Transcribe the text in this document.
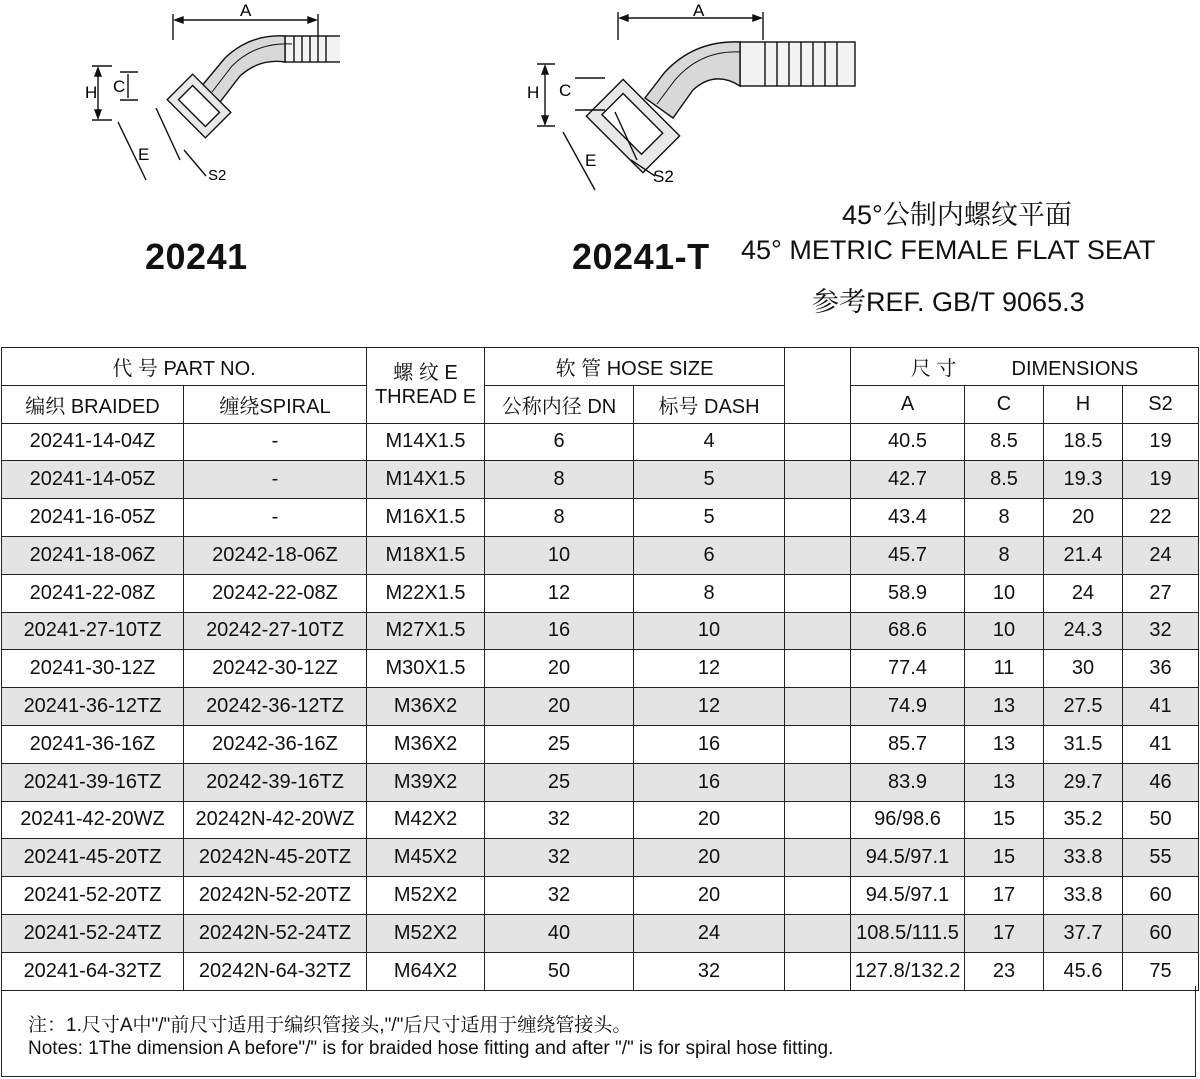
A
H C
E
S2
A
H C
E
S2
20241	20241-T
45°公制内螺纹平面
45° METRIC FEMALE FLAT SEAT
参考REF. GB/T 9065.3
代 号 PART NO.		螺 纹 E
THREAD E	软 管 HOSE SIZE			尺 寸 DIMENSIONS			
编织 BRAIDED	缠绕SPIRAL		公称内径 DN	标号 DASH		A	C	H	S2
20241-14-04Z	-	M14X1.5	6	4		40.5	8.5	18.5	19
20241-14-05Z	-	M14X1.5	8	5		42.7	8.5	19.3	19
20241-16-05Z	-	M16X1.5	8	5		43.4	8	20	22
20241-18-06Z	20242-18-06Z	M18X1.5	10	6		45.7	8	21.4	24
20241-22-08Z	20242-22-08Z	M22X1.5	12	8		58.9	10	24	27
20241-27-10TZ	20242-27-10TZ	M27X1.5	16	10		68.6	10	24.3	32
20241-30-12Z	20242-30-12Z	M30X1.5	20	12		77.4	11	30	36
20241-36-12TZ	20242-36-12TZ	M36X2	20	12		74.9	13	27.5	41
20241-36-16Z	20242-36-16Z	M36X2	25	16		85.7	13	31.5	41
20241-39-16TZ	20242-39-16TZ	M39X2	25	16		83.9	13	29.7	46
20241-42-20WZ	20242N-42-20WZ	M42X2	32	20		96/98.6	15	35.2	50
20241-45-20TZ	20242N-45-20TZ	M45X2	32	20		94.5/97.1	15	33.8	55
20241-52-20TZ	20242N-52-20TZ	M52X2	32	20		94.5/97.1	17	33.8	60
20241-52-24TZ	20242N-52-24TZ	M52X2	40	24		108.5/111.5	17	37.7	60
20241-64-32TZ	20242N-64-32TZ	M64X2	50	32		127.8/132.2	23	45.6	75
注：1.尺寸A中"/"前尺寸适用于编织管接头,"/"后尺寸适用于缠绕管接头。
Notes: 1The dimension A before"/" is for braided hose fitting and after "/" is for spiral hose fitting.
